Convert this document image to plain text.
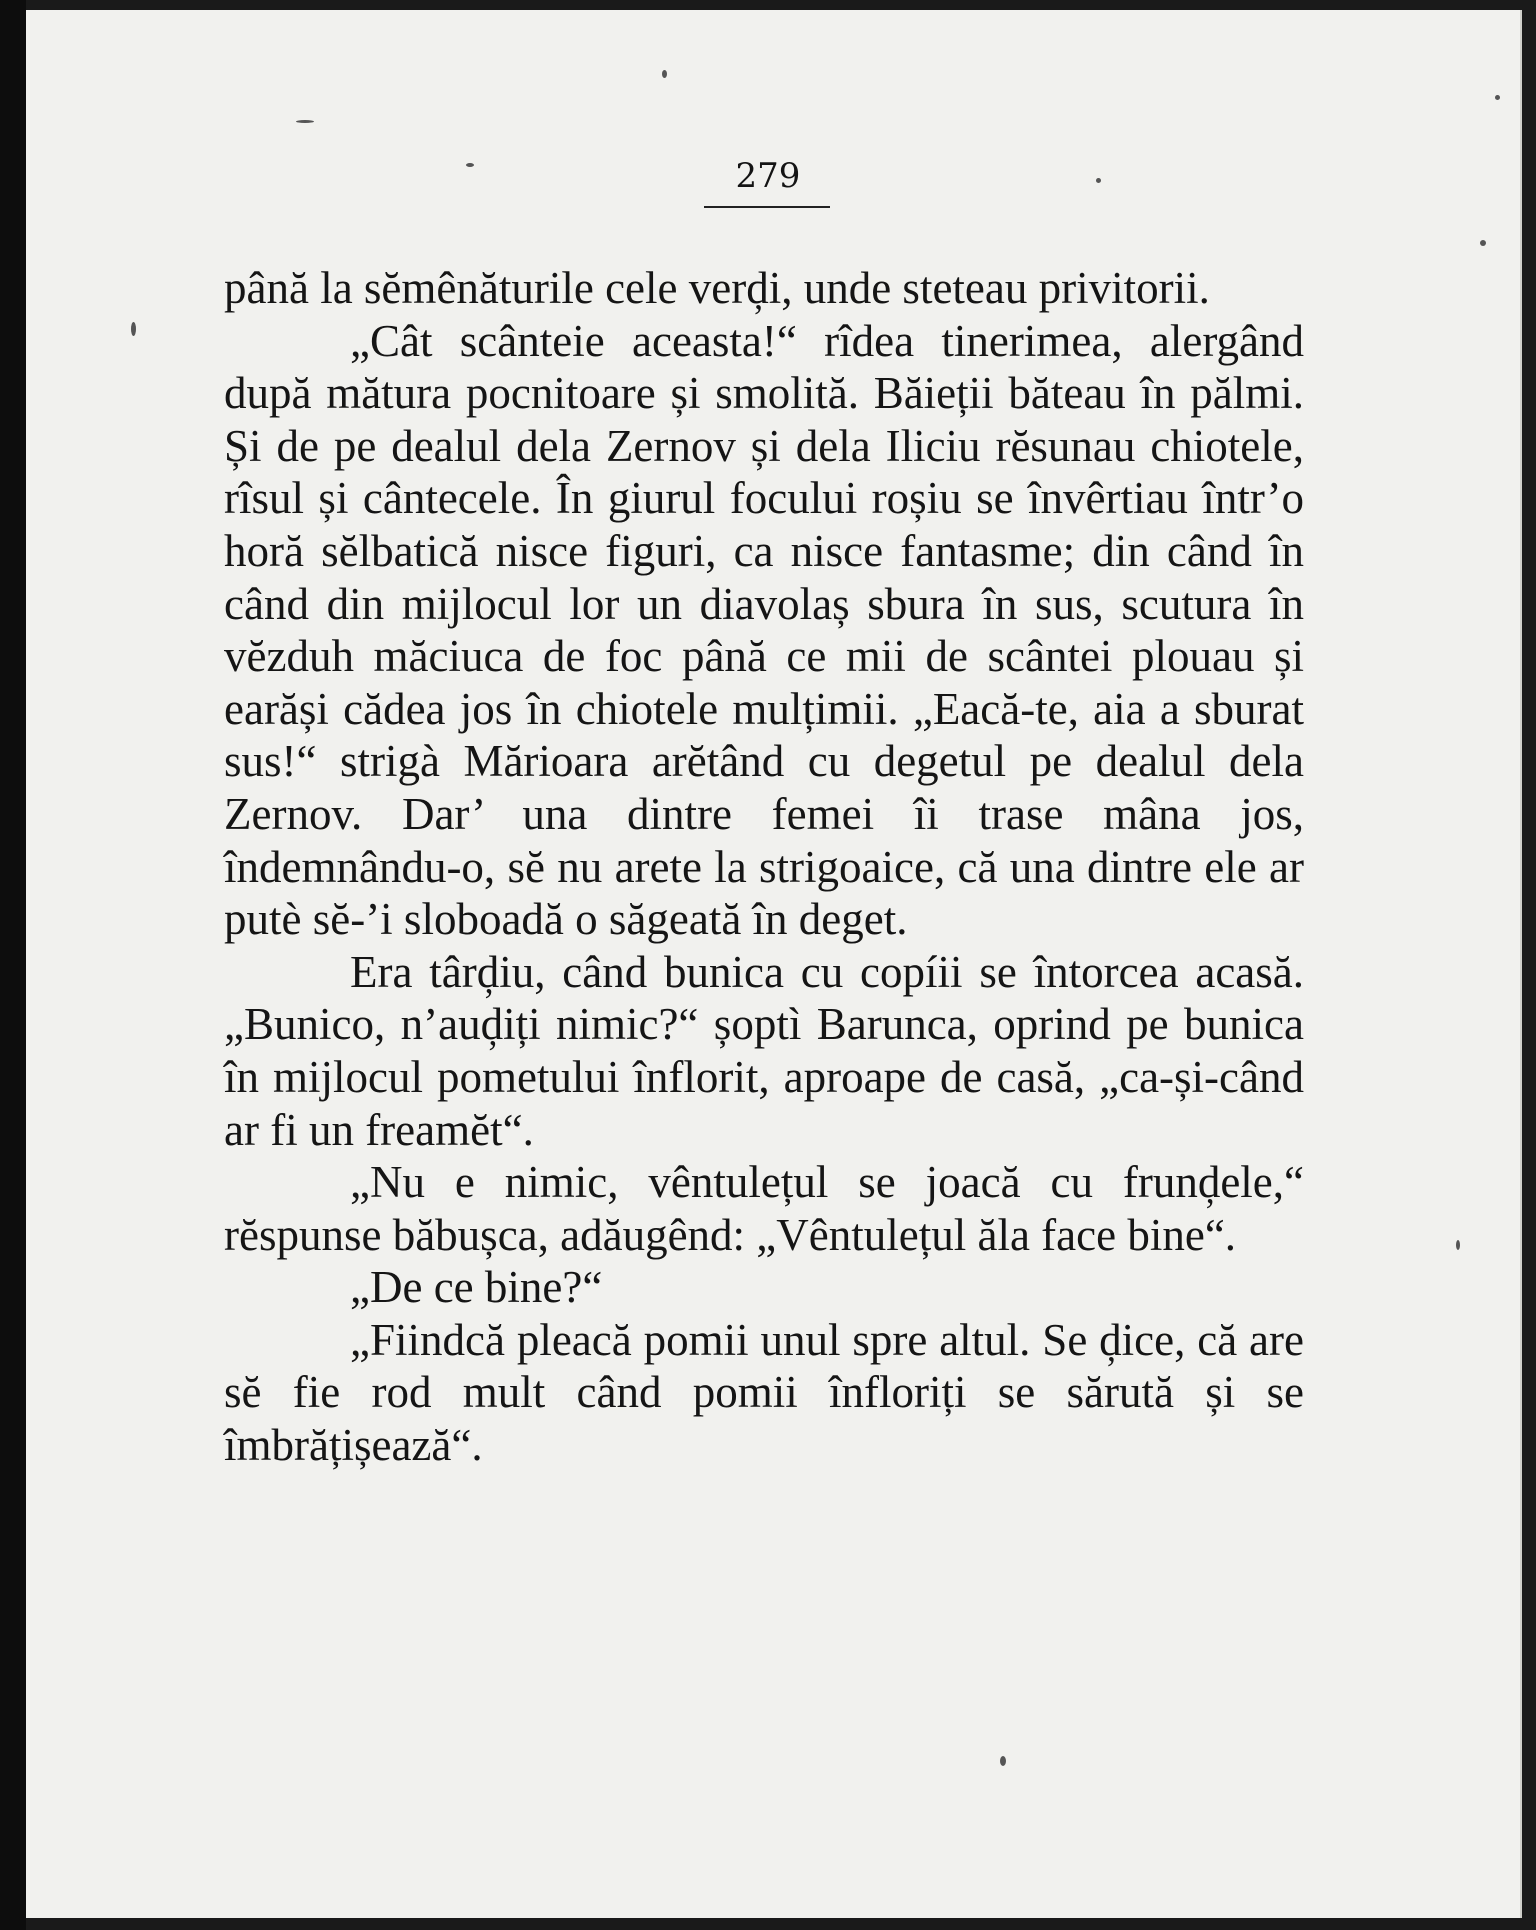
279

până la sĕmênăturile cele verḑi, unde steteau privitorii.

„Cât scânteie aceasta!“ rîdea tinerimea, alergând după mătura pocnitoare și smolită. Băieții băteau în pălmi. Și de pe dealul dela Zernov și dela Iliciu rĕsunau chiotele, rîsul și cântecele. În giurul focului roșiu se învêrtiau într’o horă sĕlbatică nisce figuri, ca nisce fantasme; din când în când din mijlocul lor un diavolaș sbura în sus, scutura în vĕzduh măciuca de foc până ce mii de scântei plouau și earăși cădea jos în chiotele mulțimii. „Eacă-te, aia a sburat sus!“ strigà Mărioara arĕtând cu degetul pe dealul dela Zernov. Dar’ una dintre femei îi trase mâna jos, îndemnându-o, sĕ nu arete la strigoaice, că una dintre ele ar putè sĕ-’i sloboadă o săgeată în deget.

Era târḑiu, când bunica cu copíii se întorcea acasă. „Bunico, n’auḑiți nimic?“ șoptì Barunca, oprind pe bunica în mijlocul pometului înflorit, aproape de casă, „ca-și-când ar fi un freamĕt“.

„Nu e nimic, vêntulețul se joacă cu frunḑele,“ rĕspunse băbușca, adăugênd: „Vêntulețul ăla face bine“.

„De ce bine?“

„Fiindcă pleacă pomii unul spre altul. Se ḑice, că are sĕ fie rod mult când pomii înfloriți se sărută și se îmbrățișează“.
